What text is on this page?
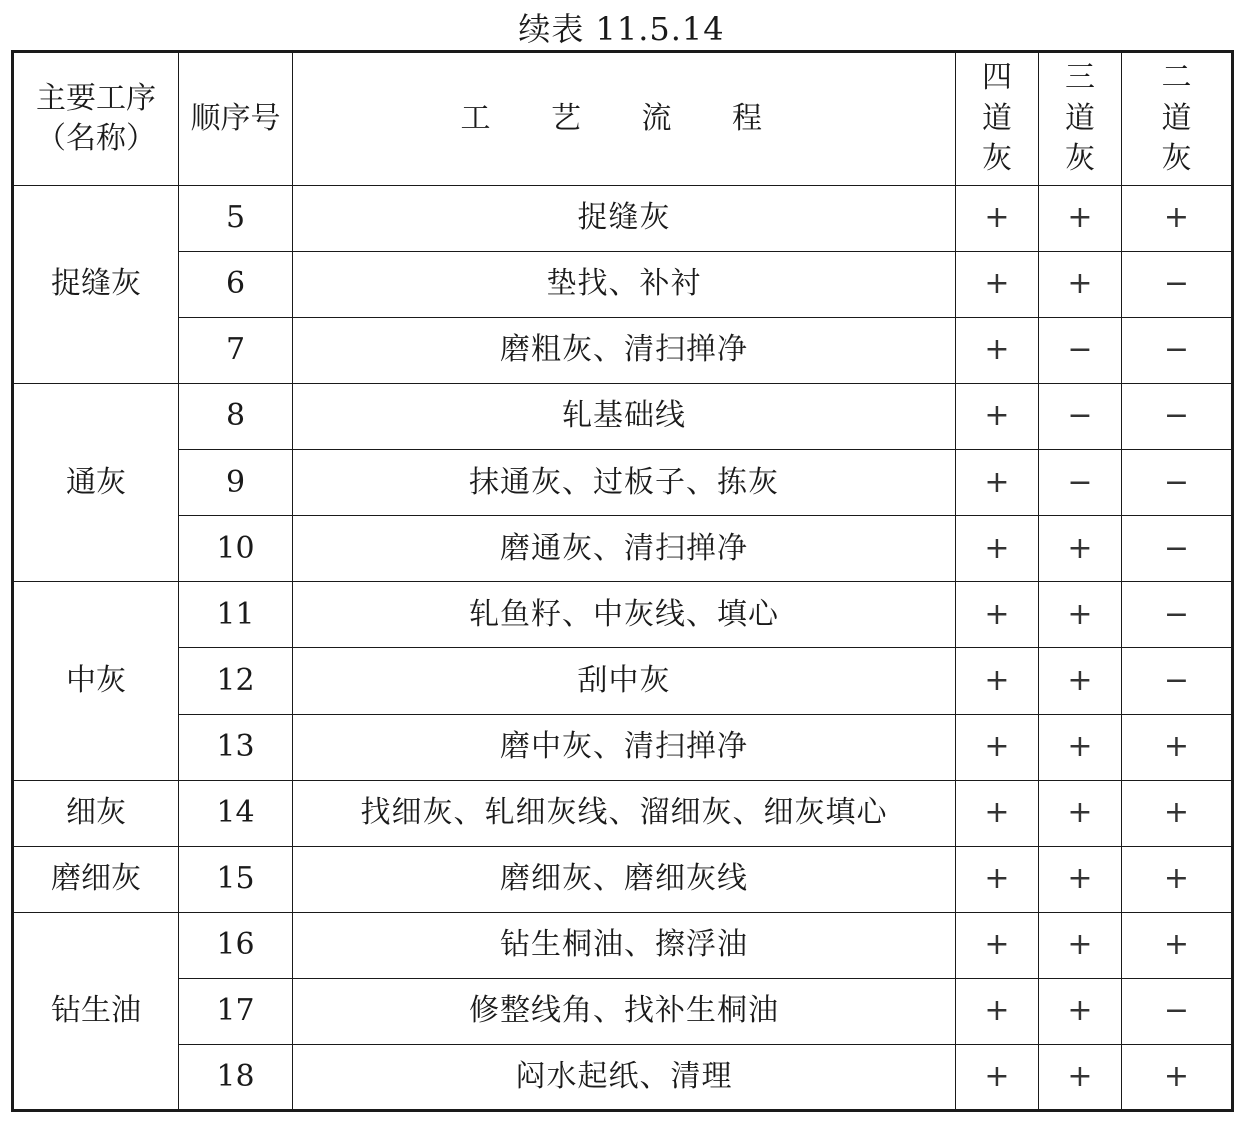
续表 11.5.14
主要工序
（名称）	顺序号	工 艺 流 程	四道灰	三道灰	二道灰
捉缝灰	5	捉缝灰	+	+	+
	6	垫找、补衬	+	+	−
	7	磨粗灰、清扫掸净	+	−	−
通灰	8	轧基础线	+	−	−
	9	抹通灰、过板子、拣灰	+	−	−
	10	磨通灰、清扫掸净	+	+	−
中灰	11	轧鱼籽、中灰线、填心	+	+	−
	12	刮中灰	+	+	−
	13	磨中灰、清扫掸净	+	+	+
细灰	14	找细灰、轧细灰线、溜细灰、细灰填心	+	+	+
磨细灰	15	磨细灰、磨细灰线	+	+	+
钻生油	16	钻生桐油、擦浮油	+	+	+
	17	修整线角、找补生桐油	+	+	−
	18	闷水起纸、清理	+	+	+
